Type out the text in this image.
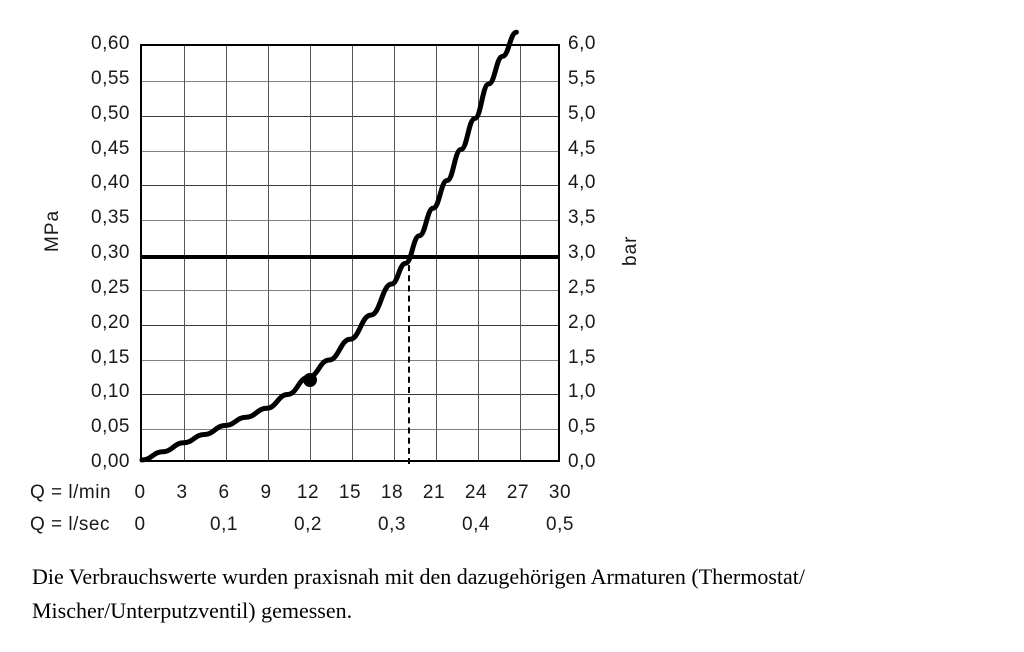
MPa	bar
0,00
0,05
0,10
0,15
0,20
0,25
0,30
0,35
0,40
0,45
0,50
0,55
0,60
0,0
0,5
1,0
1,5
2,0
2,5
3,0
3,5
4,0
4,5
5,0
5,5
6,0
Q = l/min 0 3 6 9 12 15 18 21 24 27 30
Q = l/sec 0	0,1	0,2	0,3	0,4	0,5
Die Verbrauchswerte wurden praxisnah mit den dazugehörigen Armaturen (Thermostat/
Mischer/Unterputzventil) gemessen.
